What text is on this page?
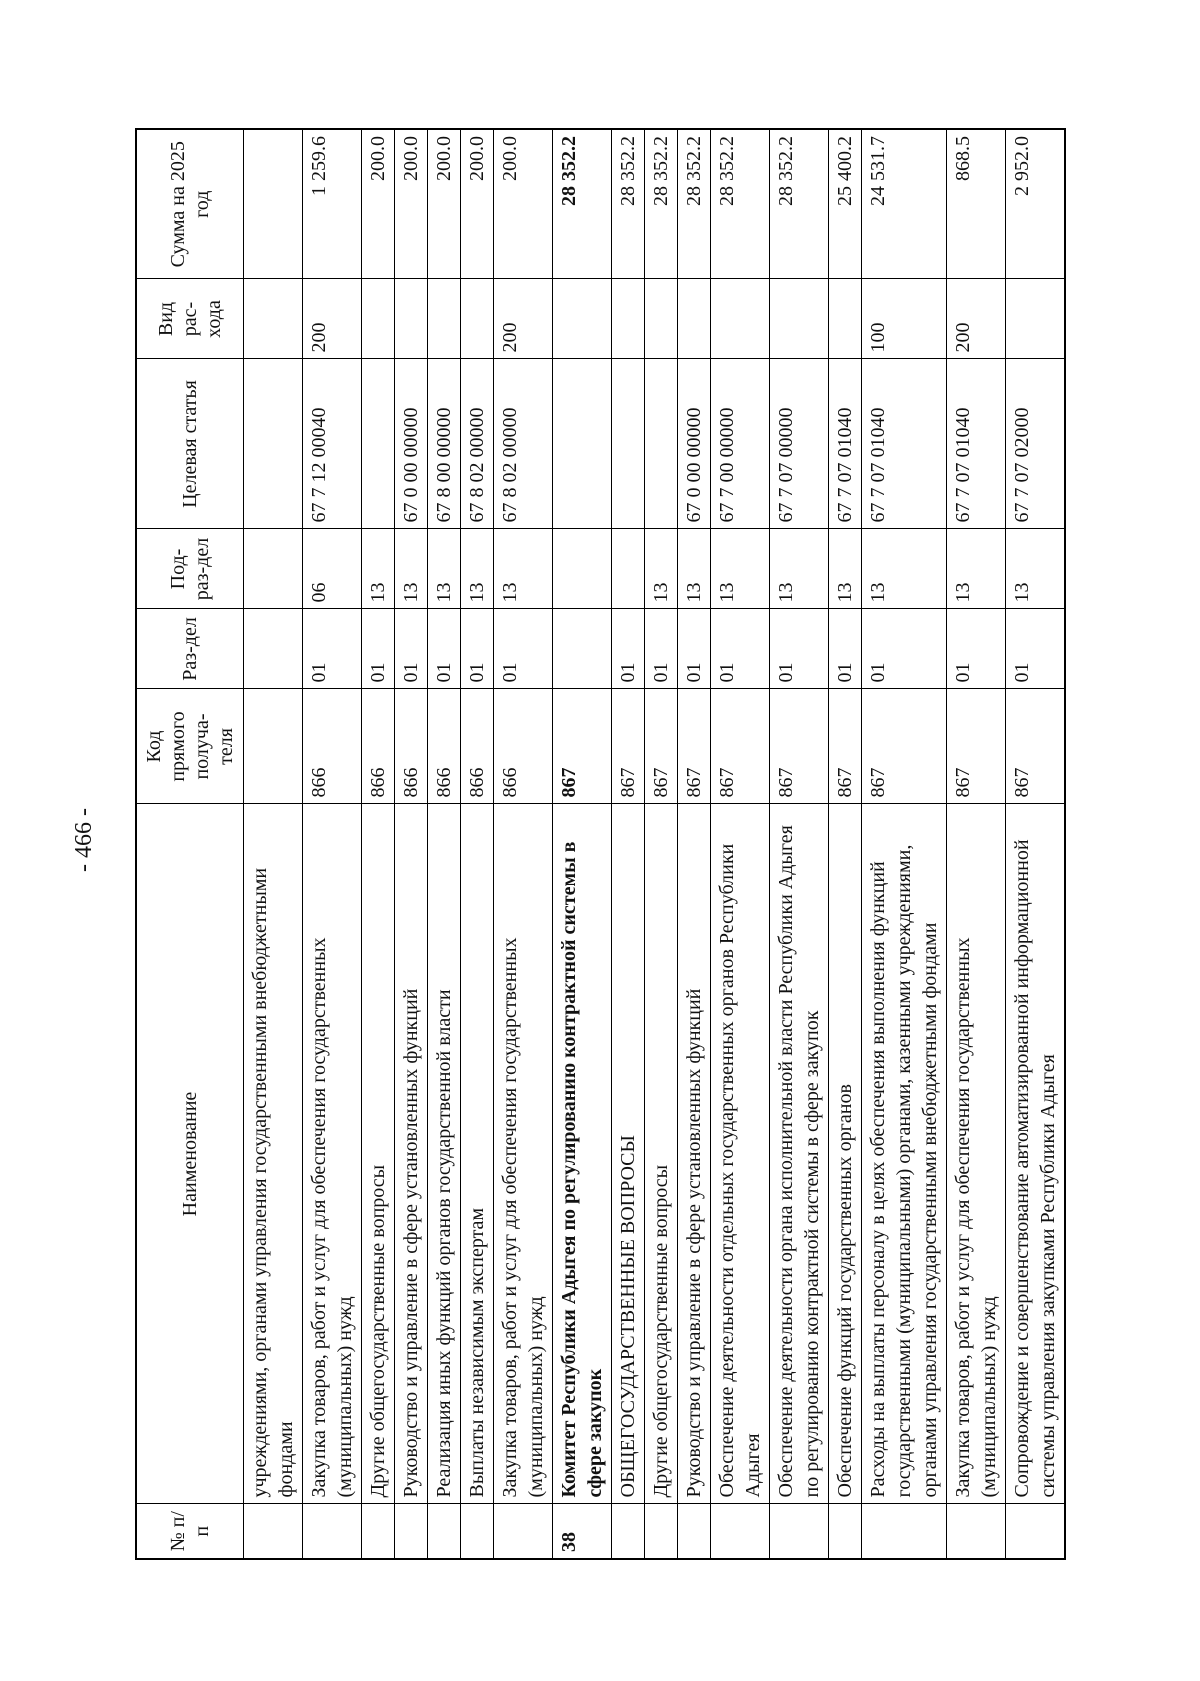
- 466 -
№ п/п	Наименование	Код прямого получа-теля	Раз-дел	Под-раз-дел	Целевая статья	Вид рас-хода	Сумма на 2025 год
	учреждениями, органами управления государственными внебюджетными фондами						
	Закупка товаров, работ и услуг для обеспечения государственных (муниципальных) нужд	866	01	06	67 7 12 00040	200	1 259.6
	Другие общегосударственные вопросы	866	01	13			200.0
	Руководство и управление в сфере установленных функций	866	01	13	67 0 00 00000		200.0
	Реализация иных функций органов государственной власти	866	01	13	67 8 00 00000		200.0
	Выплаты независимым экспертам	866	01	13	67 8 02 00000		200.0
	Закупка товаров, работ и услуг для обеспечения государственных (муниципальных) нужд	866	01	13	67 8 02 00000	200	200.0
38	Комитет Республики Адыгея по регулированию контрактной системы в сфере закупок	867					28 352.2
	ОБЩЕГОСУДАРСТВЕННЫЕ ВОПРОСЫ	867	01				28 352.2
	Другие общегосударственные вопросы	867	01	13			28 352.2
	Руководство и управление в сфере установленных функций	867	01	13	67 0 00 00000		28 352.2
	Обеспечение деятельности отдельных государственных органов Республики Адыгея	867	01	13	67 7 00 00000		28 352.2
	Обеспечение деятельности органа исполнительной власти Республики Адыгея по регулированию контрактной системы в сфере закупок	867	01	13	67 7 07 00000		28 352.2
	Обеспечение функций государственных органов	867	01	13	67 7 07 01040		25 400.2
	Расходы на выплаты персоналу в целях обеспечения выполнения функций государственными (муниципальными) органами, казенными учреждениями, органами управления государственными внебюджетными фондами	867	01	13	67 7 07 01040	100	24 531.7
	Закупка товаров, работ и услуг для обеспечения государственных (муниципальных) нужд	867	01	13	67 7 07 01040	200	868.5
	Сопровождение и совершенствование автоматизированной информационной системы управления закупками Республики Адыгея	867	01	13	67 7 07 02000		2 952.0
